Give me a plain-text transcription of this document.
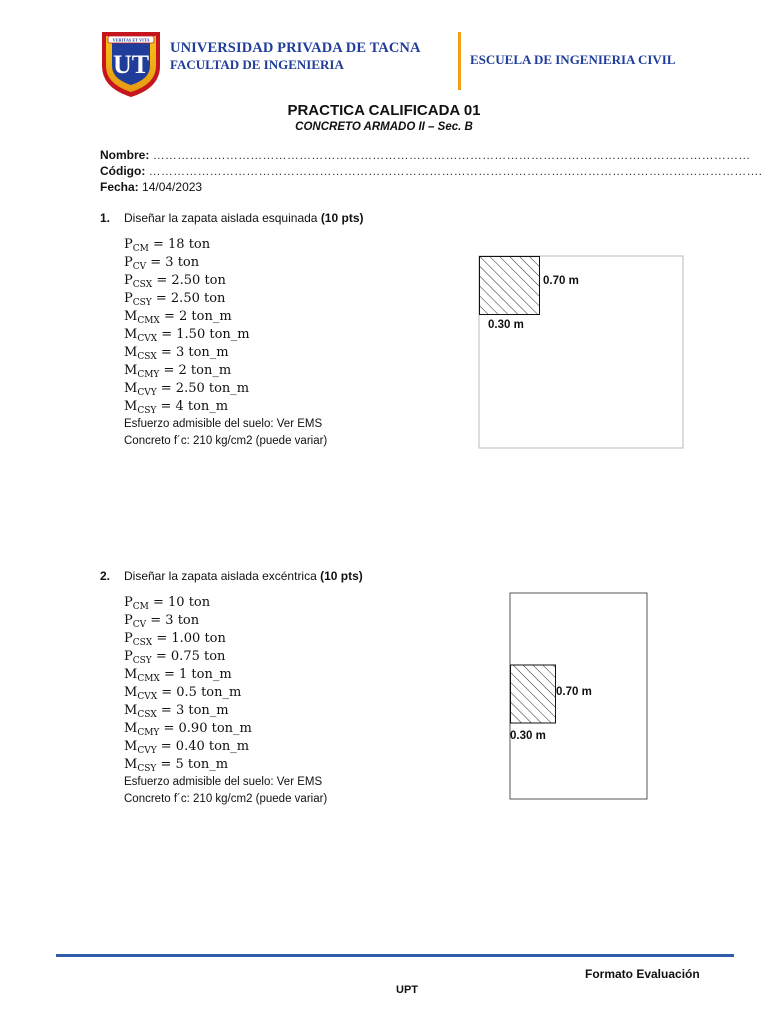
VERITAS ET VITA
UT
UNIVERSIDAD PRIVADA DE TACNA
FACULTAD DE INGENIERIA	ESCUELA DE INGENIERIA CIVIL
PRACTICA CALIFICADA 01
CONCRETO ARMADO II – Sec. B
Nombre: …………………………………………………………………………………………………………………………………
Código: …………………………………………………………………………………………………………………………………….
Fecha: 14/04/2023
1. Diseñar la zapata aislada esquinada (10 pts)
$P_{CM} = 18$ ton
$P_{CV} = 3$ ton
$P_{CSX} = 2.50$ ton
$P_{CSY} = 2.50$ ton
$M_{CMX} = 2$ ton_m
$M_{CVX} = 1.50$ ton_m
$M_{CSX} = 3$ ton_m
$M_{CMY} = 2$ ton_m
$M_{CVY} = 2.50$ ton_m
$M_{CSY} = 4$ ton_m
Esfuerzo admisible del suelo: Ver EMS
Concreto f´c: 210 kg/cm2 (puede variar)
0.70 m
0.30 m
2. Diseñar la zapata aislada excéntrica (10 pts)
$P_{CM} = 10$ ton
$P_{CV} = 3$ ton
$P_{CSX} = 1.00$ ton
$P_{CSY} = 0.75$ ton
$M_{CMX} = 1$ ton_m
$M_{CVX} = 0.5$ ton_m
$M_{CSX} = 3$ ton_m
$M_{CMY} = 0.90$ ton_m
$M_{CVY} = 0.40$ ton_m
$M_{CSY} = 5$ ton_m
Esfuerzo admisible del suelo: Ver EMS
Concreto f´c: 210 kg/cm2 (puede variar)
0.70 m
0.30 m
Formato Evaluación
UPT
